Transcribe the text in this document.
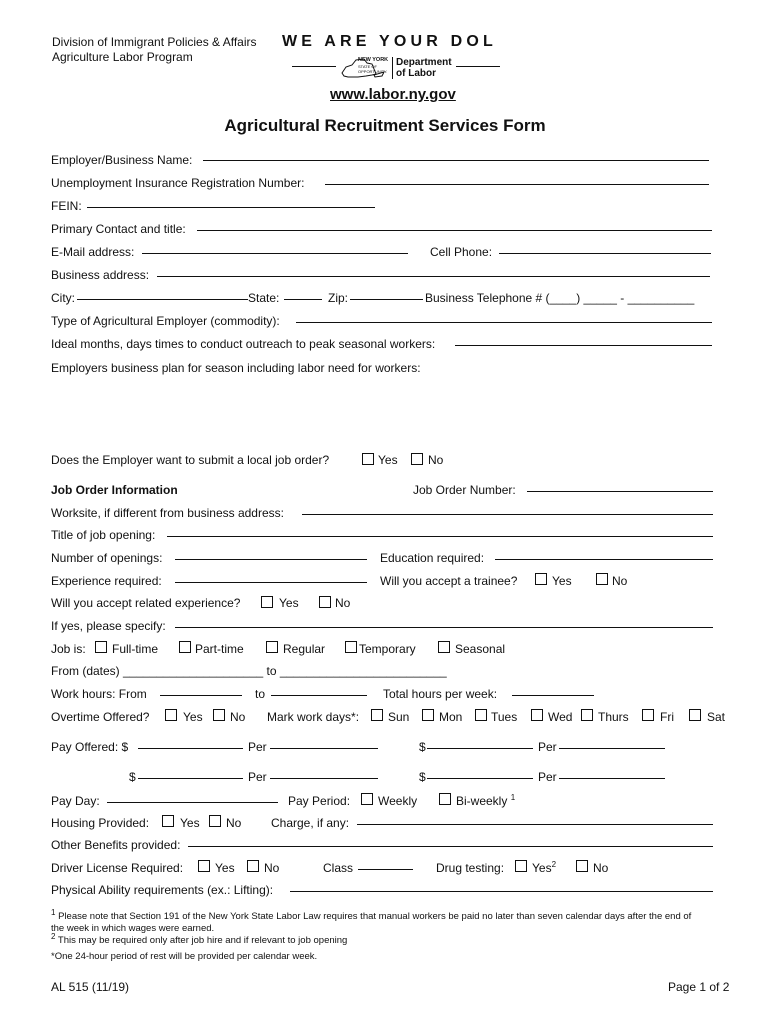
Division of Immigrant Policies & Affairs
Agriculture Labor Program
WE ARE YOUR DOL
NEW YORK
STATE OF
OPPORTUNITY.
Department
of Labor
www.labor.ny.gov
Agricultural Recruitment Services Form
Employer/Business Name:
Unemployment Insurance Registration Number:
FEIN:
Primary Contact and title:
E-Mail address:	Cell Phone:
Business address:
City:	State:	Zip:	Business Telephone # (____) _____ - __________
Type of Agricultural Employer (commodity):
Ideal months, days times to conduct outreach to peak seasonal workers:
Employers business plan for season including labor need for workers:
Does the Employer want to submit a local job order?	Yes	No
Job Order Information	Job Order Number:
Worksite, if different from business address:
Title of job opening:
Number of openings:	Education required:
Experience required:	Will you accept a trainee?	Yes	No
Will you accept related experience?	Yes	No
If yes, please specify:
Job is: Full-time	Part-time	Regular	Temporary	Seasonal
From (dates) _____________________ to _________________________
Work hours: From	to	Total hours per week:
Overtime Offered?	Yes No Mark work days*: Sun Mon Tues	Wed Thurs	Fri	Sat
Pay Offered: $	Per	$	Per
$	Per	$	Per
Pay Day:	Pay Period: Weekly	Bi-weekly $^1$
Housing Provided:	Yes No Charge, if any:
Other Benefits provided:
Driver License Required:	Yes No	Class	Drug testing: Yes$^2$	No
Physical Ability requirements (ex.: Lifting):
$^1$ Please note that Section 191 of the New York State Labor Law requires that manual workers be paid no later than seven calendar days after the end of
the week in which wages were earned.
$^2$ This may be required only after job hire and if relevant to job opening
*One 24-hour period of rest will be provided per calendar week.
AL 515 (11/19)	Page 1 of 2
